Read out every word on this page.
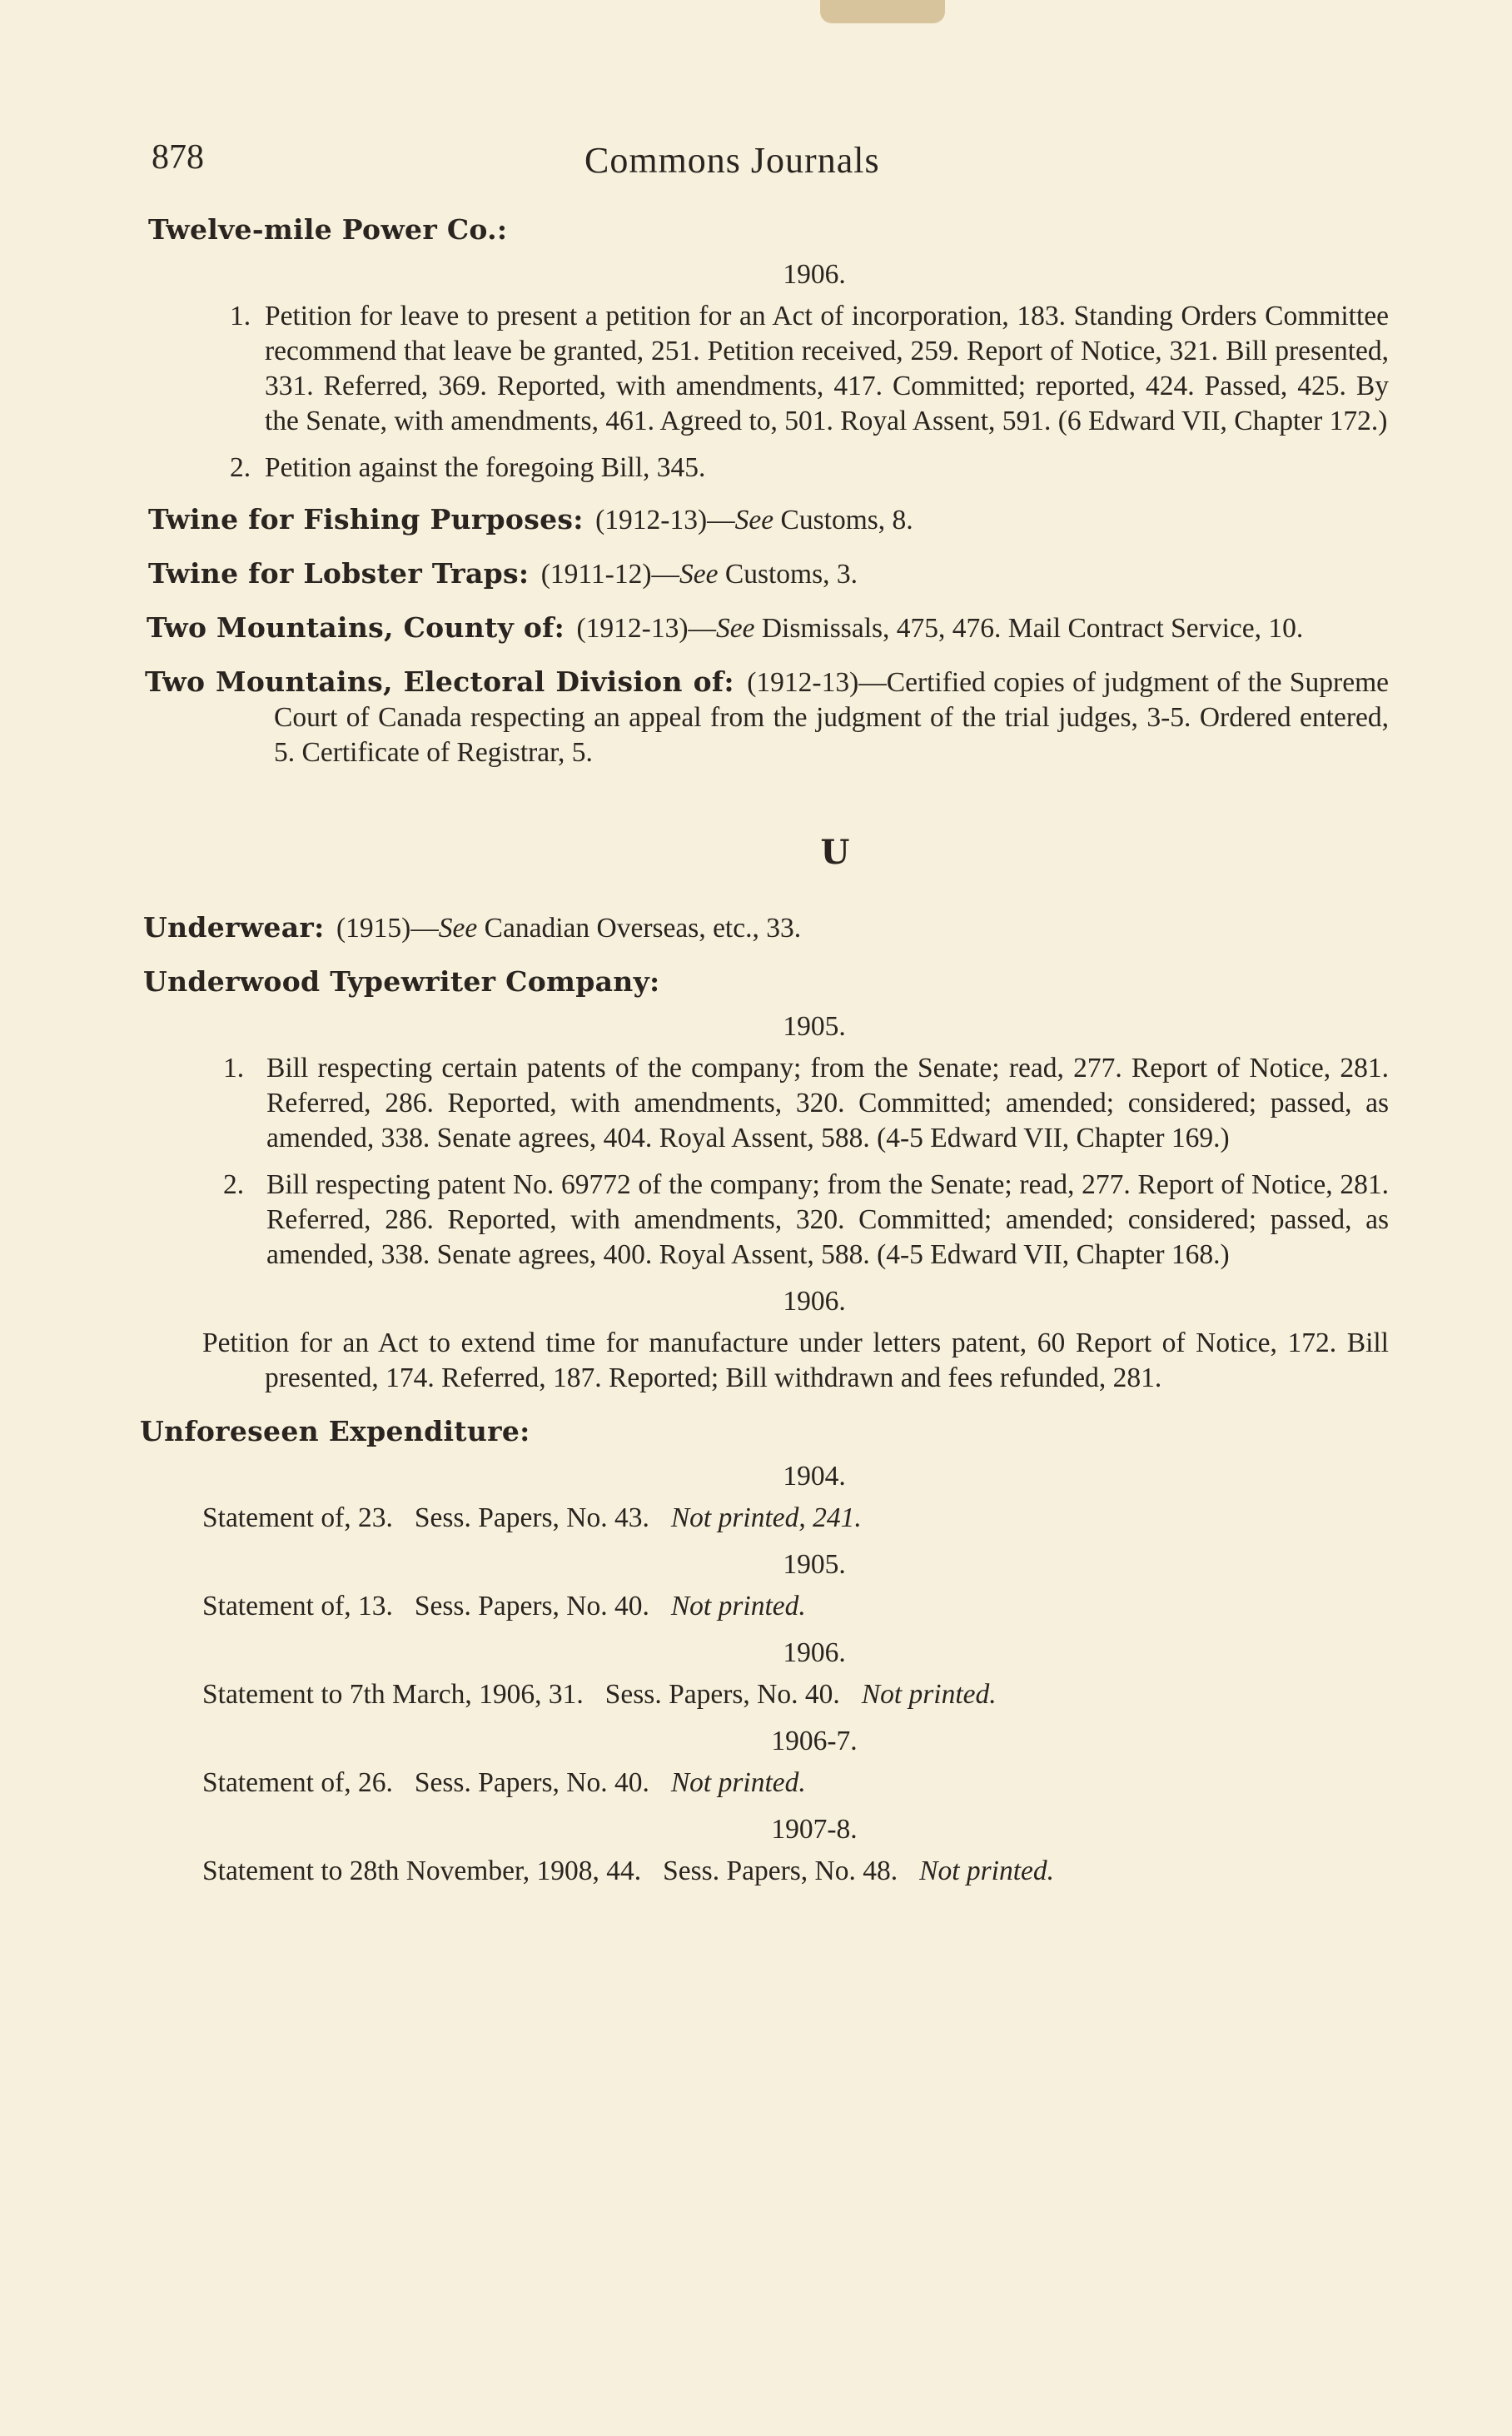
878	Commons Journals
Twelve-mile Power Co.:
1906.
1. Petition for leave to present a petition for an Act of incorporation, 183. Standing Orders Committee recommend that leave be granted, 251. Petition received, 259. Report of Notice, 321. Bill presented, 331. Referred, 369. Reported, with amendments, 417. Committed; reported, 424. Passed, 425. By the Senate, with amendments, 461. Agreed to, 501. Royal Assent, 591. (6 Edward VII, Chapter 172.)
2. Petition against the foregoing Bill, 345.
Twine for Fishing Purposes: (1912-13)—See Customs, 8.
Twine for Lobster Traps: (1911-12)—See Customs, 3.
Two Mountains, County of: (1912-13)—See Dismissals, 475, 476. Mail Contract Service, 10.
Two Mountains, Electoral Division of: (1912-13)—Certified copies of judgment of the Supreme Court of Canada respecting an appeal from the judgment of the trial judges, 3-5. Ordered entered, 5. Certificate of Registrar, 5.
U
Underwear: (1915)—See Canadian Overseas, etc., 33.
Underwood Typewriter Company:
1905.
1. Bill respecting certain patents of the company; from the Senate; read, 277. Report of Notice, 281. Referred, 286. Reported, with amendments, 320. Committed; amended; considered; passed, as amended, 338. Senate agrees, 404. Royal Assent, 588. (4-5 Edward VII, Chapter 169.)
2. Bill respecting patent No. 69772 of the company; from the Senate; read, 277. Report of Notice, 281. Referred, 286. Reported, with amendments, 320. Committed; amended; considered; passed, as amended, 338. Senate agrees, 400. Royal Assent, 588. (4-5 Edward VII, Chapter 168.)
1906.
Petition for an Act to extend time for manufacture under letters patent, 60 Report of Notice, 172. Bill presented, 174. Referred, 187. Reported; Bill withdrawn and fees refunded, 281.
Unforeseen Expenditure:
1904.
Statement of, 23. Sess. Papers, No. 43. Not printed, 241.
1905.
Statement of, 13. Sess. Papers, No. 40. Not printed.
1906.
Statement to 7th March, 1906, 31. Sess. Papers, No. 40. Not printed.
1906-7.
Statement of, 26. Sess. Papers, No. 40. Not printed.
1907-8.
Statement to 28th November, 1908, 44. Sess. Papers, No. 48. Not printed.
